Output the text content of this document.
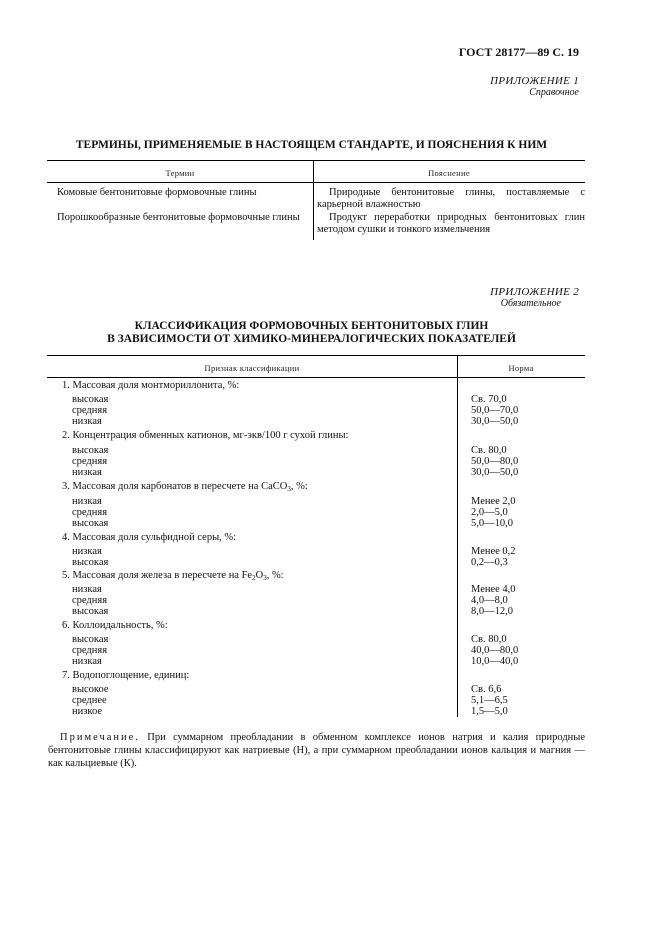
ГОСТ 28177—89 С. 19
ПРИЛОЖЕНИЕ 1
Справочное
ТЕРМИНЫ, ПРИМЕНЯЕМЫЕ В НАСТОЯЩЕМ СТАНДАРТЕ, И ПОЯСНЕНИЯ К НИМ
Термин	Пояснение
Комовые бентонитовые формовочные глины	Природные бентонитовые глины, поставляемые с карьерной влажностью
Порошкообразные бентонитовые формовочные глины	Продукт переработки природных бентонитовых глин методом сушки и тонкого измельчения
ПРИЛОЖЕНИЕ 2
Обязательное
КЛАССИФИКАЦИЯ ФОРМОВОЧНЫХ БЕНТОНИТОВЫХ ГЛИН
В ЗАВИСИМОСТИ ОТ ХИМИКО-МИНЕРАЛОГИЧЕСКИХ ПОКАЗАТЕЛЕЙ
Признак классификации	Норма
1. Массовая доля монтмориллонита, %:
высокая	Св. 70,0
средняя	50,0—70,0
низкая	30,0—50,0
2. Концентрация обменных катионов, мг-экв/100 г сухой глины:
высокая	Св. 80,0
средняя	50,0—80,0
низкая	30,0—50,0
3. Массовая доля карбонатов в пересчете на CaCO$_3$, %:
низкая	Менее 2,0
средняя	2,0—5,0
высокая	5,0—10,0
4. Массовая доля сульфидной серы, %:
низкая	Менее 0,2
высокая	0,2—0,3
5. Массовая доля железа в пересчете на $Fe_2O_3$, %:
низкая	Менее 4,0
средняя	4,0—8,0
высокая	8,0—12,0
6. Коллоидальность, %:
высокая	Св. 80,0
средняя	40,0—80,0
низкая	10,0—40,0
7. Водопоглощение, единиц:
высокое	Св. 6,6
среднее	5,1—6,5
низкое	1,5—5,0
Примечание. При суммарном преобладании в обменном комплексе ионов натрия и калия природные бентонитовые глины классифицируют как натриевые (Н), а при суммарном преобладании ионов кальция и магния — как кальциевые (К).
